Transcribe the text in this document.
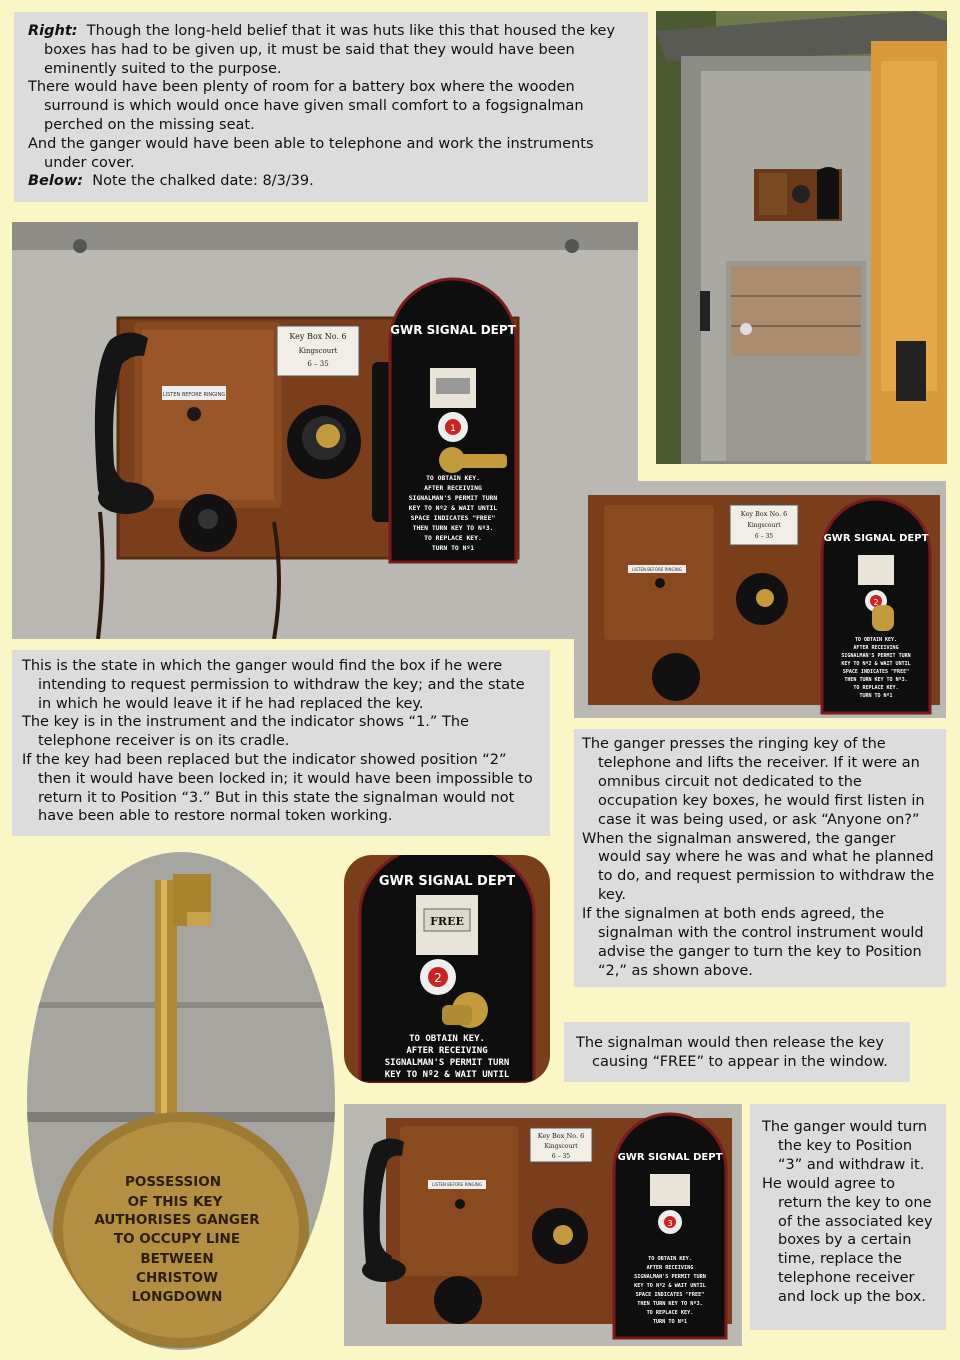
Right: Though the long-held belief that it was huts like this that housed the key boxes has had to be given up, it must be said that they would have been eminently suited to the purpose.

There would have been plenty of room for a battery box where the wooden surround is which would once have given small comfort to a fogsignalman perched on the missing seat.

And the ganger would have been able to telephone and work the instruments under cover.

Below: Note the chalked date: 8/3/39.

LISTEN BEFORE RINGING
Key Box No. 6
Kingscourt
6 – 35
GWR SIGNAL DEPT
1
TO OBTAIN KEY.
AFTER RECEIVING
SIGNALMAN'S PERMIT TURN
KEY TO Nº2 & WAIT UNTIL
SPACE INDICATES "FREE"
THEN TURN KEY TO Nº3.
TO REPLACE KEY.
TURN TO Nº1
LISTEN BEFORE RINGING
Key Box No. 6
Kingscourt
6 – 35	GWR SIGNAL DEPT
2
TO OBTAIN KEY.
AFTER RECEIVING
SIGNALMAN'S PERMIT TURN
KEY TO Nº2 & WAIT UNTIL
SPACE INDICATES "FREE"
THEN TURN KEY TO Nº3.
TO REPLACE KEY.
TURN TO Nº1

This is the state in which the ganger would find the box if he were intending to request permission to withdraw the key; and the state in which he would leave it if he had replaced the key.

The key is in the instrument and the indicator shows “1.” The telephone receiver is on its cradle.

If the key had been replaced but the indicator showed position “2” then it would have been locked in; it would have been impossible to return it to Position “3.” But in this state the signalman would not have been able to restore normal token working.

The ganger presses the ringing key of the telephone and lifts the receiver. If it were an omnibus circuit not dedicated to the occupation key boxes, he would first listen in case it was being used, or ask “Anyone on?”

When the signalman answered, the ganger would say where he was and what he planned to do, and request permission to withdraw the key.

If the signalmen at both ends agreed, the signalman with the control instrument would advise the ganger to turn the key to Position “2,” as shown above.

POSSESSION
OF THIS KEY
AUTHORISES GANGER
TO OCCUPY LINE
BETWEEN
CHRISTOW
LONGDOWN
GWR SIGNAL DEPT
FREE
2
TO OBTAIN KEY.
AFTER RECEIVING
SIGNALMAN'S PERMIT TURN
KEY TO Nº2 & WAIT UNTIL

The signalman would then release the key causing “FREE” to appear in the window.

LISTEN BEFORE RINGING
Key Box No. 6
Kingscourt
6 – 35	GWR SIGNAL DEPT
3
TO OBTAIN KEY.
AFTER RECEIVING
SIGNALMAN'S PERMIT TURN
KEY TO Nº2 & WAIT UNTIL
SPACE INDICATES "FREE"
THEN TURN KEY TO Nº3.
TO REPLACE KEY.
TURN TO Nº1

The ganger would turn the key to Position “3” and withdraw it.

He would agree to return the key to one of the associated key boxes by a certain time, replace the telephone receiver and lock up the box.
